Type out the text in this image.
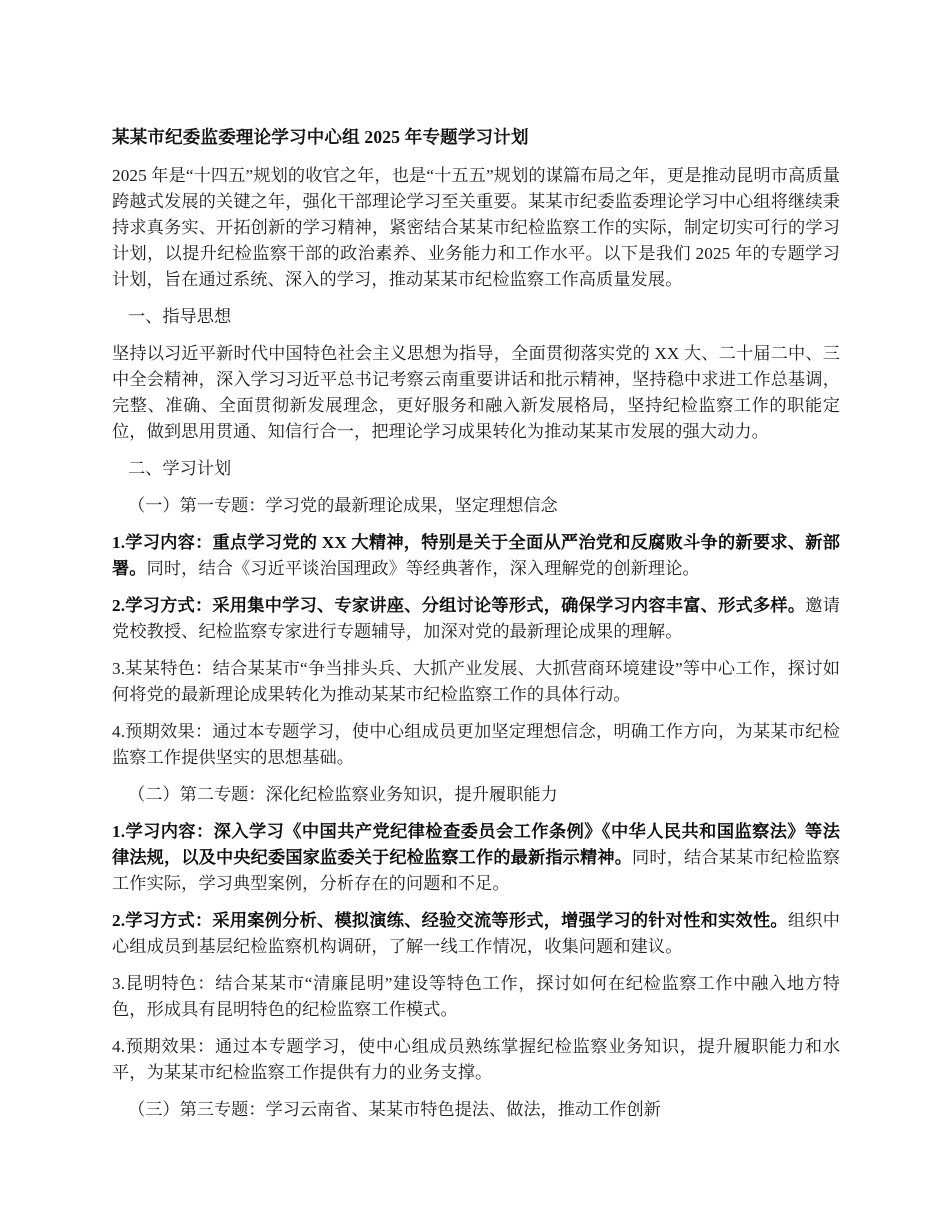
某某市纪委监委理论学习中心组 2025 年专题学习计划

2025 年是“十四五”规划的收官之年，也是“十五五”规划的谋篇布局之年，更是推动昆明市高质量跨越式发展的关键之年，强化干部理论学习至关重要。某某市纪委监委理论学习中心组将继续秉持求真务实、开拓创新的学习精神，紧密结合某某市纪检监察工作的实际，制定切实可行的学习计划，以提升纪检监察干部的政治素养、业务能力和工作水平。以下是我们 2025 年的专题学习计划，旨在通过系统、深入的学习，推动某某市纪检监察工作高质量发展。

一、指导思想

坚持以习近平新时代中国特色社会主义思想为指导，全面贯彻落实党的 XX 大、二十届二中、三中全会精神，深入学习习近平总书记考察云南重要讲话和批示精神，坚持稳中求进工作总基调，完整、准确、全面贯彻新发展理念，更好服务和融入新发展格局，坚持纪检监察工作的职能定位，做到思用贯通、知信行合一，把理论学习成果转化为推动某某市发展的强大动力。

二、学习计划

（一）第一专题：学习党的最新理论成果，坚定理想信念

1.学习内容：重点学习党的 XX 大精神，特别是关于全面从严治党和反腐败斗争的新要求、新部署。同时，结合《习近平谈治国理政》等经典著作，深入理解党的创新理论。

2.学习方式：采用集中学习、专家讲座、分组讨论等形式，确保学习内容丰富、形式多样。邀请党校教授、纪检监察专家进行专题辅导，加深对党的最新理论成果的理解。

3.某某特色：结合某某市“争当排头兵、大抓产业发展、大抓营商环境建设”等中心工作，探讨如何将党的最新理论成果转化为推动某某市纪检监察工作的具体行动。

4.预期效果：通过本专题学习，使中心组成员更加坚定理想信念，明确工作方向，为某某市纪检监察工作提供坚实的思想基础。

（二）第二专题：深化纪检监察业务知识，提升履职能力

1.学习内容：深入学习《中国共产党纪律检查委员会工作条例》《中华人民共和国监察法》等法律法规，以及中央纪委国家监委关于纪检监察工作的最新指示精神。同时，结合某某市纪检监察工作实际，学习典型案例，分析存在的问题和不足。

2.学习方式：采用案例分析、模拟演练、经验交流等形式，增强学习的针对性和实效性。组织中心组成员到基层纪检监察机构调研，了解一线工作情况，收集问题和建议。

3.昆明特色：结合某某市“清廉昆明”建设等特色工作，探讨如何在纪检监察工作中融入地方特色，形成具有昆明特色的纪检监察工作模式。

4.预期效果：通过本专题学习，使中心组成员熟练掌握纪检监察业务知识，提升履职能力和水平，为某某市纪检监察工作提供有力的业务支撑。

（三）第三专题：学习云南省、某某市特色提法、做法，推动工作创新
